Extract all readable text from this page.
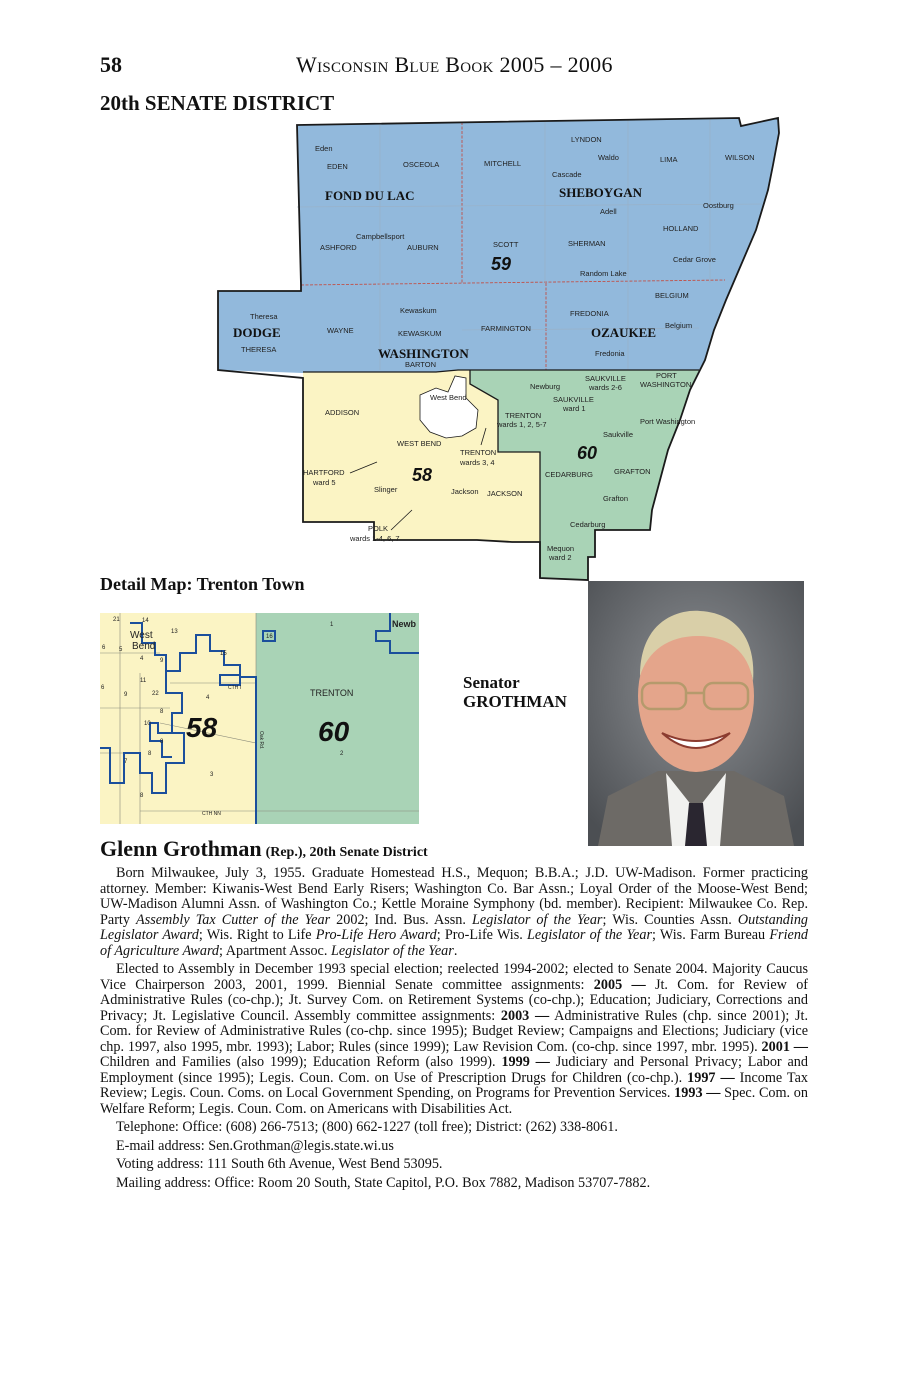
58	Wisconsin Blue Book 2005 – 2006
20th SENATE DISTRICT
FOND DU LAC	SHEBOYGAN
DODGE
WASHINGTON
OZAUKEE
59
58
60
Eden
EDEN	OSCEOLA	MITCHELL
LYNDON
Waldo	LIMA	WILSON
Cascade
Adell
Oostburg
HOLLAND
Campbellsport
ASHFORD	AUBURN	SCOTT	SHERMAN
Cedar Grove
Random Lake
BELGIUM
Belgium
Theresa
THERESA
Kewaskum
WAYNE	KEWASKUM
FARMINGTON
FREDONIA
Fredonia
BARTON
SAUKVILLE
wards 2-6
PORT
WASHINGTON
Newburg
SAUKVILLE
ward 1
ADDISON
West Bend
TRENTON
wards 1, 2, 5-7	Port Washington
Saukville
WEST BEND
TRENTON
wards 3, 4
HARTFORD
ward 5
Slinger	Jackson JACKSON
CEDARBURG	GRAFTON
Grafton
Cedarburg
POLK
wards 1-4, 6, 7
Mequon
ward 2
Detail Map: Trenton Town
West
Bend
Newb
TRENTON
CTH I
CTH NN
Oak Rd.
58	60
21	14
13
16
5
6
1
15
4	9
11
6
9	22
8
4
10
8
8
3
8
7
2
Senator
GROTHMAN
Glenn Grothman (Rep.), 20th Senate District

Born Milwaukee, July 3, 1955. Graduate Homestead H.S., Mequon; B.B.A.; J.D. UW-Madison. Former practicing attorney. Member: Kiwanis-West Bend Early Risers; Washington Co. Bar Assn.; Loyal Order of the Moose-West Bend; UW-Madison Alumni Assn. of Washington Co.; Kettle Moraine Symphony (bd. member). Recipient: Milwaukee Co. Rep. Party Assembly Tax Cutter of the Year 2002; Ind. Bus. Assn. Legislator of the Year; Wis. Counties Assn. Outstanding Legislator Award; Wis. Right to Life Pro-Life Hero Award; Pro-Life Wis. Legislator of the Year; Wis. Farm Bureau Friend of Agriculture Award; Apartment Assoc. Legislator of the Year.

Elected to Assembly in December 1993 special election; reelected 1994-2002; elected to Senate 2004. Majority Caucus Vice Chairperson 2003, 2001, 1999. Biennial Senate committee assignments: 2005 — Jt. Com. for Review of Administrative Rules (co-chp.); Jt. Survey Com. on Retirement Systems (co-chp.); Education; Judiciary, Corrections and Privacy; Jt. Legislative Council. Assembly committee assignments: 2003 — Administrative Rules (chp. since 2001); Jt. Com. for Review of Administrative Rules (co-chp. since 1995); Budget Review; Campaigns and Elections; Judiciary (vice chp. 1997, also 1995, mbr. 1993); Labor; Rules (since 1999); Law Revision Com. (co-chp. since 1997, mbr. 1995). 2001 — Children and Families (also 1999); Education Reform (also 1999). 1999 — Judiciary and Personal Privacy; Labor and Employment (since 1995); Legis. Coun. Com. on Use of Prescription Drugs for Children (co-chp.). 1997 — Income Tax Review; Legis. Coun. Coms. on Local Government Spending, on Programs for Prevention Services. 1993 — Spec. Com. on Welfare Reform; Legis. Coun. Com. on Americans with Disabilities Act.

Telephone: Office: (608) 266-7513; (800) 662-1227 (toll free); District: (262) 338-8061.

E-mail address: Sen.Grothman@legis.state.wi.us

Voting address: 111 South 6th Avenue, West Bend 53095.

Mailing address: Office: Room 20 South, State Capitol, P.O. Box 7882, Madison 53707-7882.
